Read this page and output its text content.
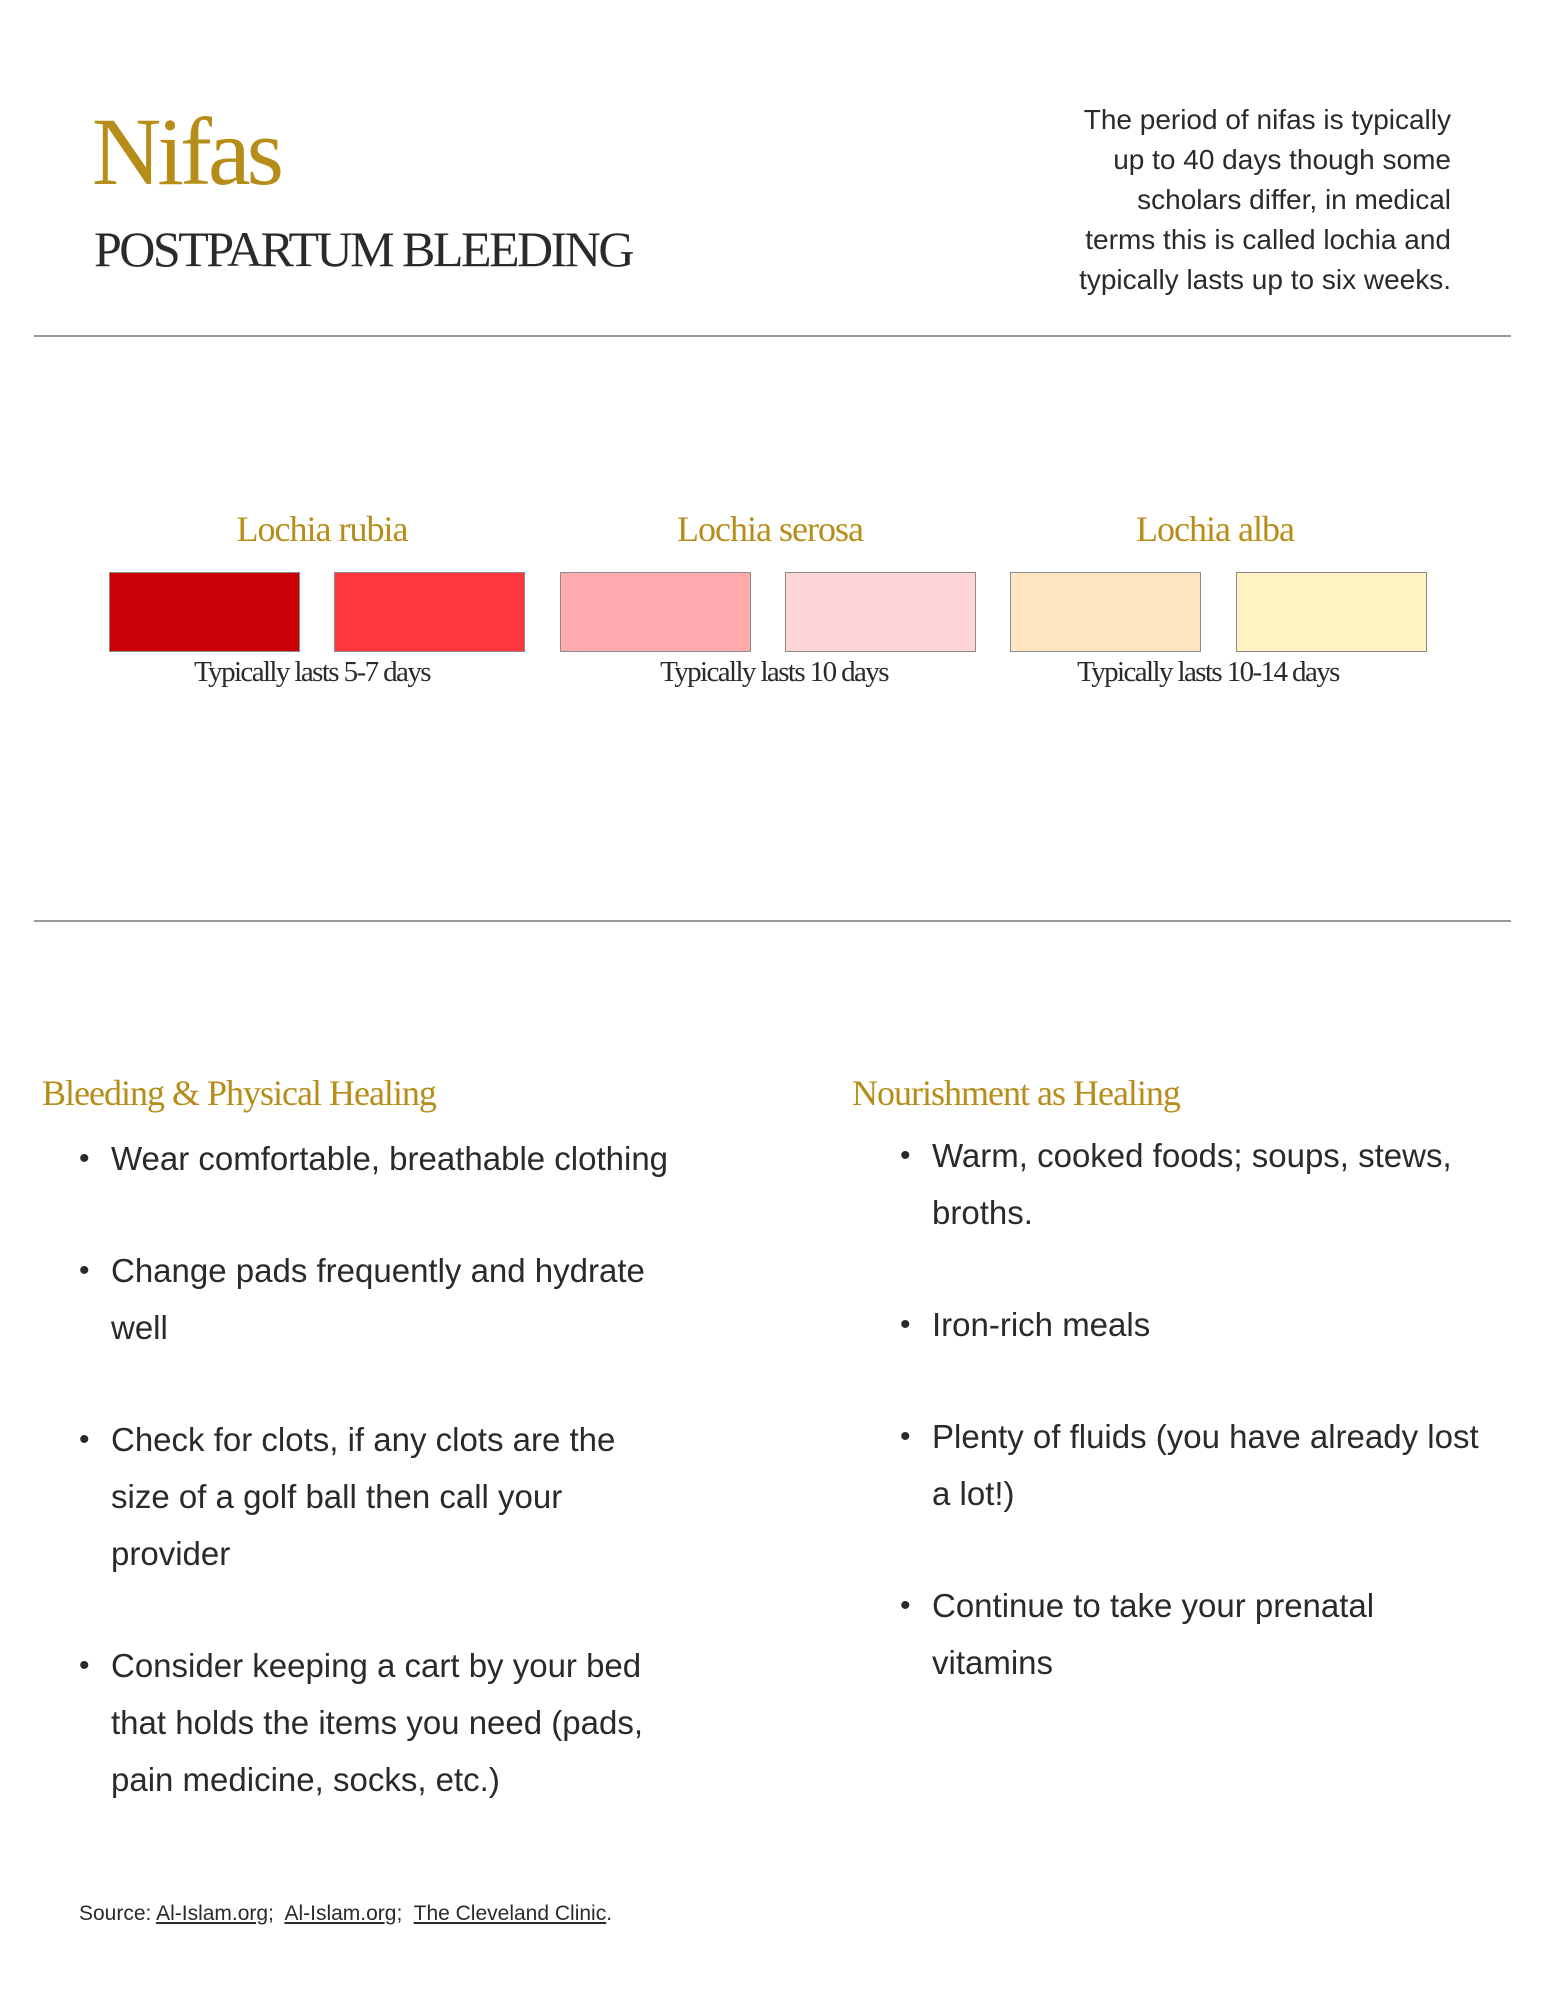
Nifas
POSTPARTUM BLEEDING
The period of nifas is typically
up to 40 days though some
scholars differ, in medical
terms this is called lochia and
typically lasts up to six weeks.
Lochia rubia
Typically lasts 5-7 days
Lochia serosa
Typically lasts 10 days
Lochia alba
Typically lasts 10-14 days
Bleeding & Physical Healing
• Wear comfortable, breathable clothing
• Change pads frequently and hydrate
well
• Check for clots, if any clots are the
size of a golf ball then call your
provider
• Consider keeping a cart by your bed
that holds the items you need (pads,
pain medicine, socks, etc.)
Nourishment as Healing
• Warm, cooked foods; soups, stews,
broths.
• Iron-rich meals
• Plenty of fluids (you have already lost
a lot!)
• Continue to take your prenatal
vitamins
Source: Al-Islam.org; Al-Islam.org; The Cleveland Clinic.
